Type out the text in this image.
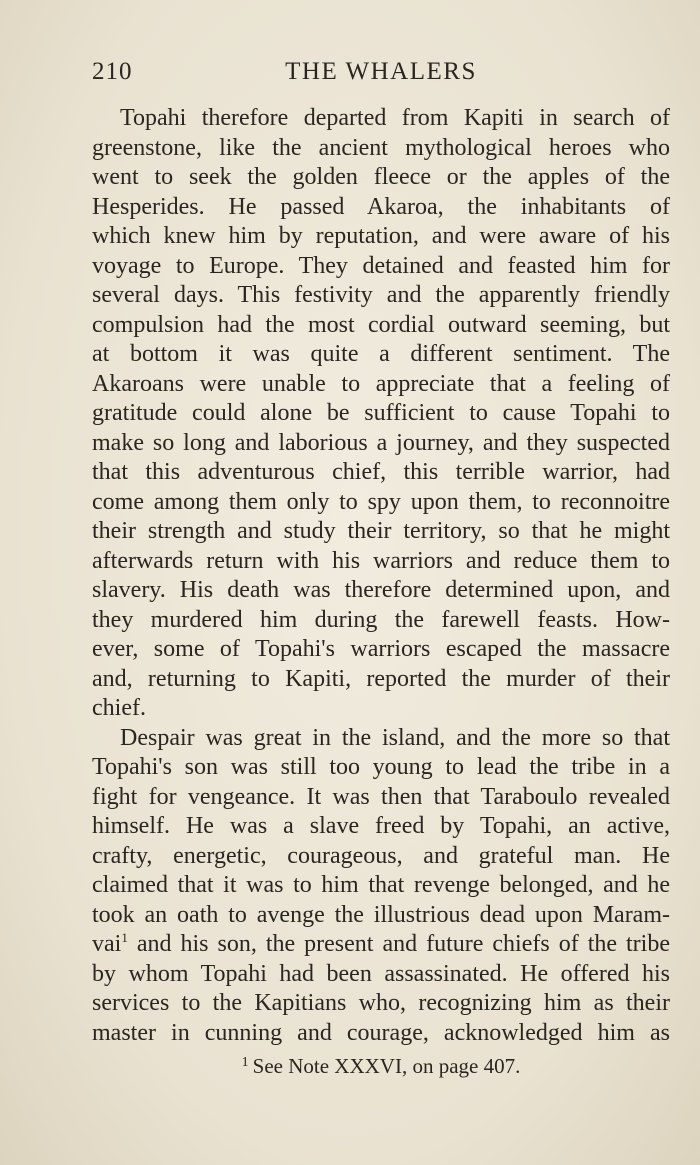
210	THE WHALERS
Topahi therefore departed from Kapiti in search of
greenstone, like the ancient mythological heroes who
went to seek the golden fleece or the apples of the
Hesperides. He passed Akaroa, the inhabitants of
which knew him by reputation, and were aware of his
voyage to Europe. They detained and feasted him for
several days. This festivity and the apparently friendly
compulsion had the most cordial outward seeming, but
at bottom it was quite a different sentiment. The
Akaroans were unable to appreciate that a feeling of
gratitude could alone be sufficient to cause Topahi to
make so long and laborious a journey, and they suspected
that this adventurous chief, this terrible warrior, had
come among them only to spy upon them, to reconnoitre
their strength and study their territory, so that he might
afterwards return with his warriors and reduce them to
slavery. His death was therefore determined upon, and
they murdered him during the farewell feasts. How-
ever, some of Topahi's warriors escaped the massacre
and, returning to Kapiti, reported the murder of their
chief.
Despair was great in the island, and the more so that
Topahi's son was still too young to lead the tribe in a
fight for vengeance. It was then that Taraboulo revealed
himself. He was a slave freed by Topahi, an active,
crafty, energetic, courageous, and grateful man. He
claimed that it was to him that revenge belonged, and he
took an oath to avenge the illustrious dead upon Maram-
vai$^1$ and his son, the present and future chiefs of the tribe
by whom Topahi had been assassinated. He offered his
services to the Kapitians who, recognizing him as their
master in cunning and courage, acknowledged him as
$^1$ See Note XXXVI, on page 407.
